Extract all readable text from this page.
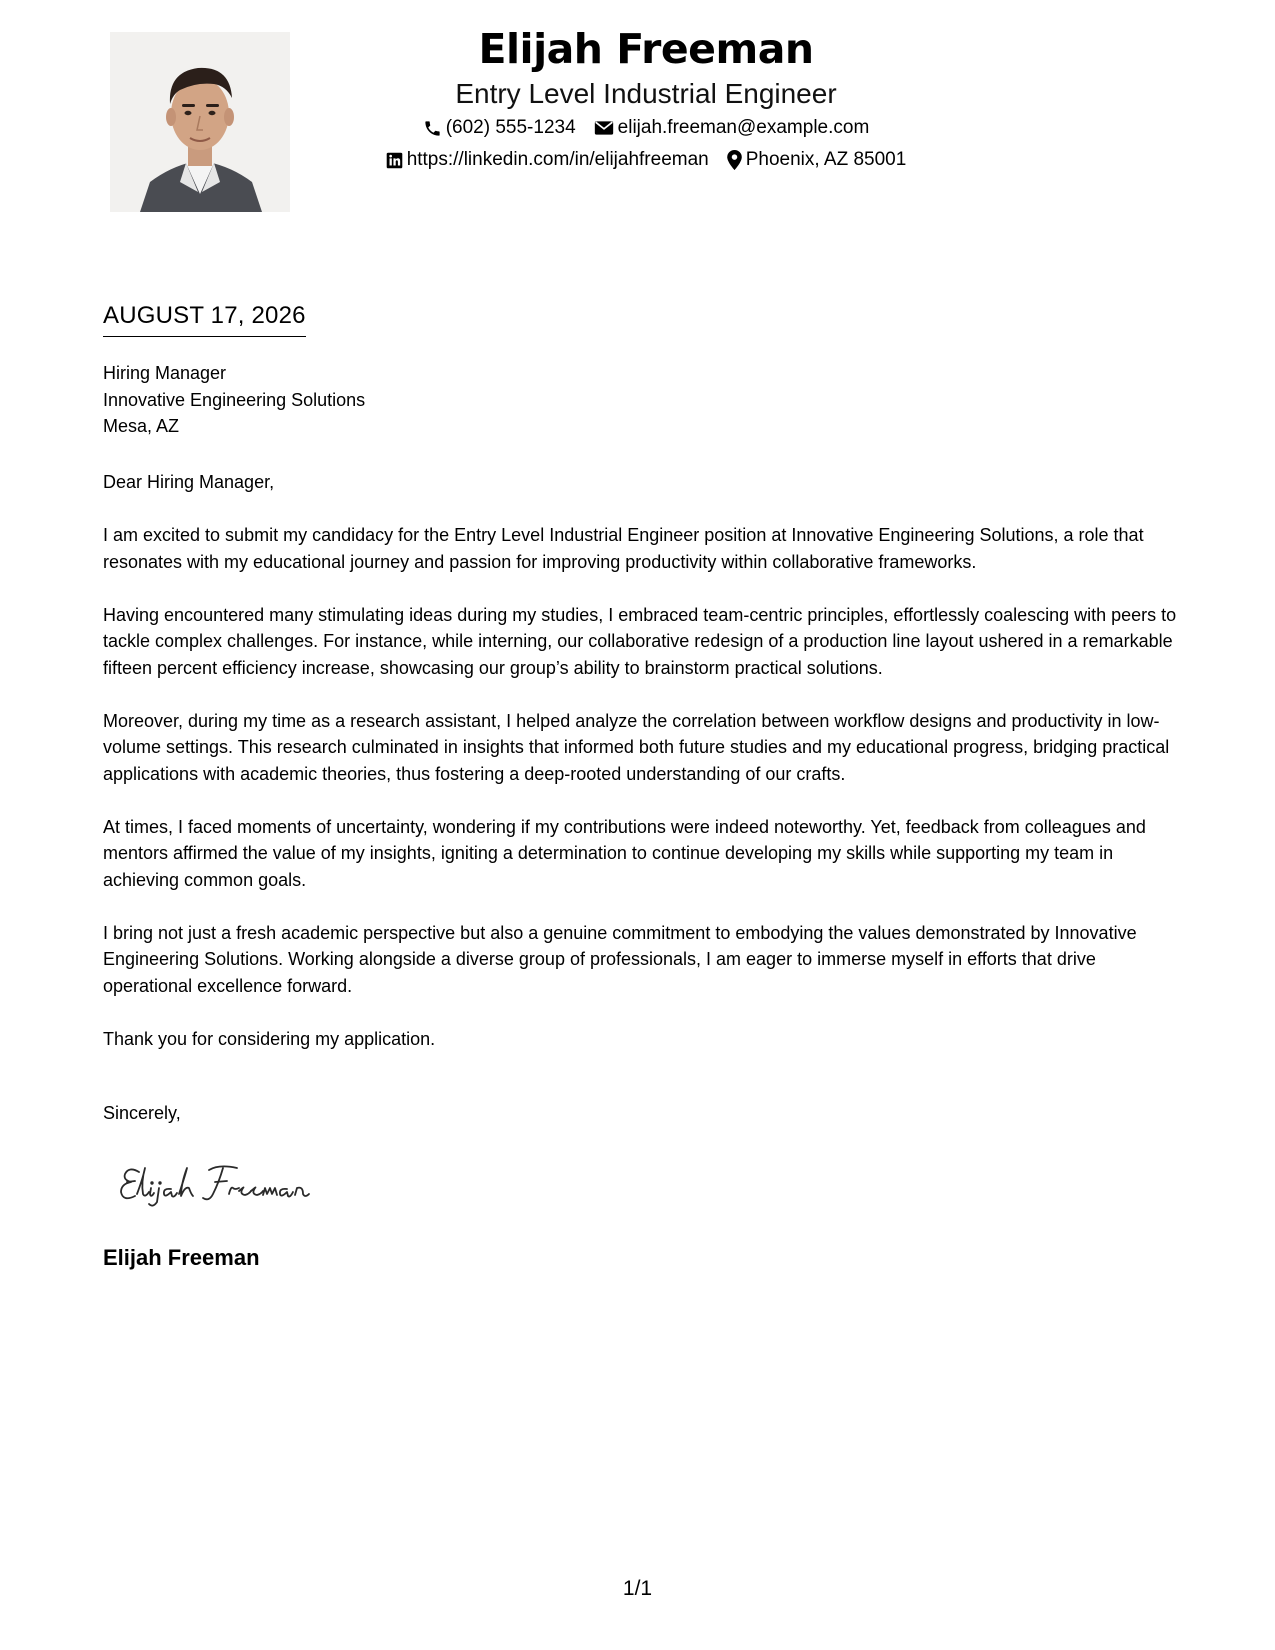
Elijah Freeman
Entry Level Industrial Engineer
(602) 555-1234 elijah.freeman@example.com
https://linkedin.com/in/elijahfreeman Phoenix, AZ 85001
AUGUST 17, 2026
Hiring Manager
Innovative Engineering Solutions
Mesa, AZ
Dear Hiring Manager,

I am excited to submit my candidacy for the Entry Level Industrial Engineer position at Innovative Engineering Solutions, a role that resonates with my educational journey and passion for improving productivity within collaborative frameworks.

Having encountered many stimulating ideas during my studies, I embraced team-centric principles, effortlessly coalescing with peers to tackle complex challenges. For instance, while interning, our collaborative redesign of a production line layout ushered in a remarkable fifteen percent efficiency increase, showcasing our group’s ability to brainstorm practical solutions.

Moreover, during my time as a research assistant, I helped analyze the correlation between workflow designs and productivity in low-volume settings. This research culminated in insights that informed both future studies and my educational progress, bridging practical applications with academic theories, thus fostering a deep-rooted understanding of our crafts.

At times, I faced moments of uncertainty, wondering if my contributions were indeed noteworthy. Yet, feedback from colleagues and mentors affirmed the value of my insights, igniting a determination to continue developing my skills while supporting my team in achieving common goals.

I bring not just a fresh academic perspective but also a genuine commitment to embodying the values demonstrated by Innovative Engineering Solutions. Working alongside a diverse group of professionals, I am eager to immerse myself in efforts that drive operational excellence forward.

Thank you for considering my application.

Sincerely,
Elijah Freeman
1/1
